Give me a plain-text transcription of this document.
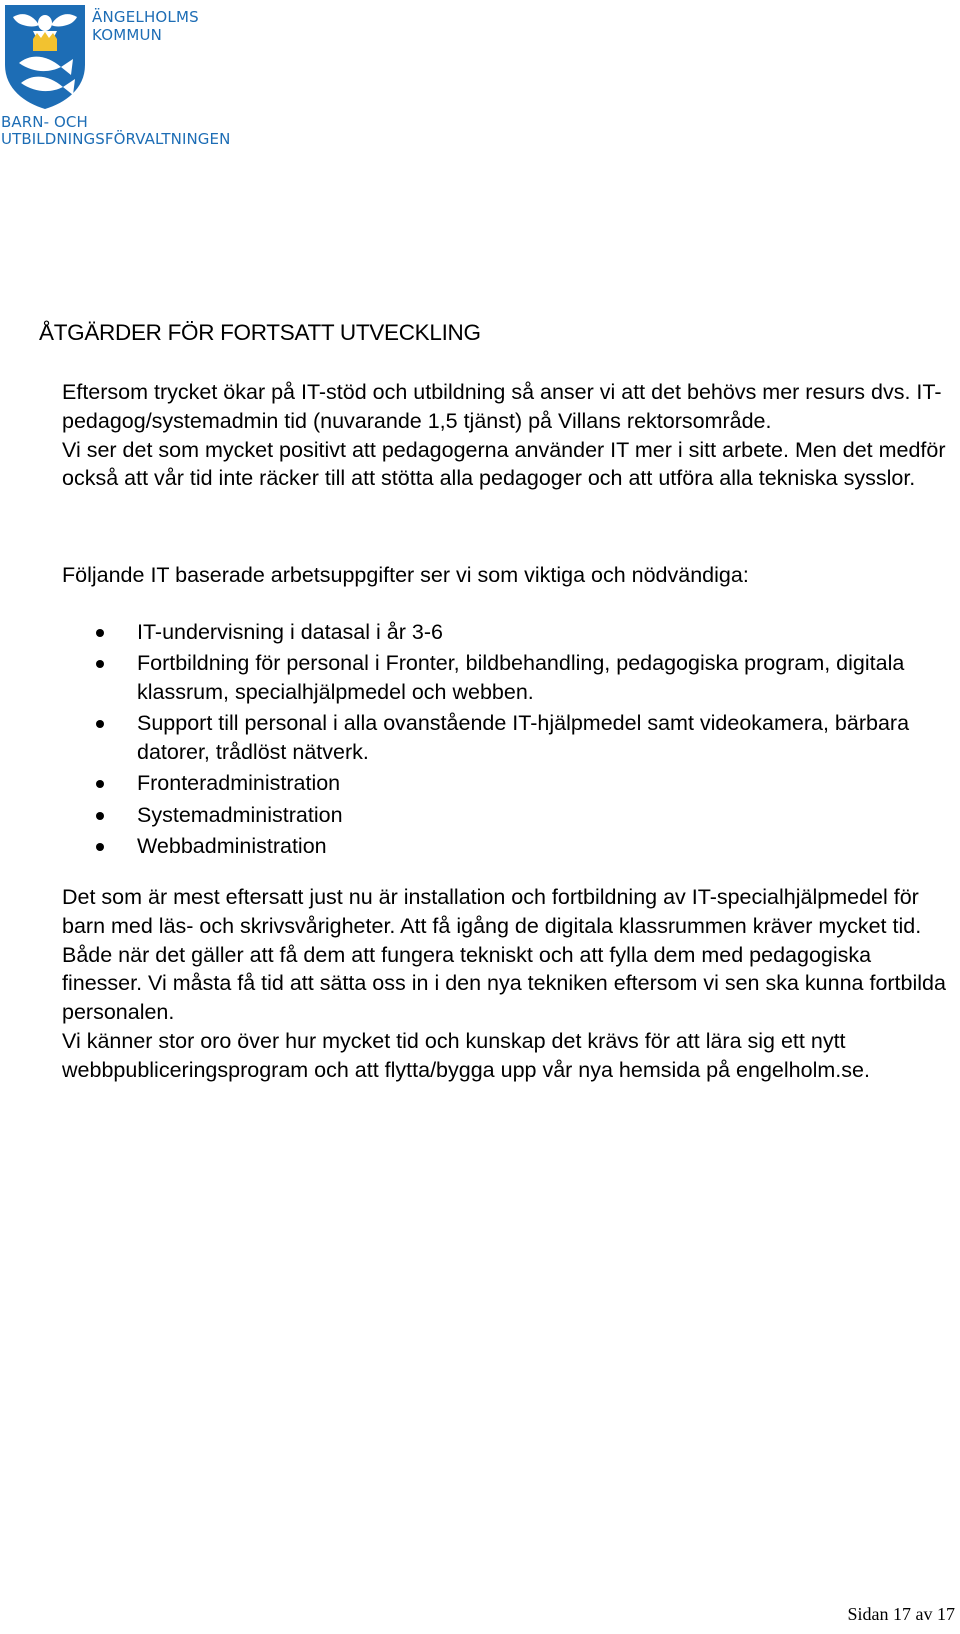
ÄNGELHOLMS
KOMMUN
BARN- OCH
UTBILDNINGSFÖRVALTNINGEN
ÅTGÄRDER FÖR FORTSATT UTVECKLING

Eftersom trycket ökar på IT-stöd och utbildning så anser vi att det behövs mer resurs dvs. IT-pedagog/systemadmin tid (nuvarande 1,5 tjänst) på Villans rektorsområde.
Vi ser det som mycket positivt att pedagogerna använder IT mer i sitt arbete. Men det medför också att vår tid inte räcker till att stötta alla pedagoger och att utföra alla tekniska sysslor.

Följande IT baserade arbetsuppgifter ser vi som viktiga och nödvändiga:

IT-undervisning i datasal i år 3-6
Fortbildning för personal i Fronter, bildbehandling, pedagogiska program, digitala klassrum, specialhjälpmedel och webben.
Support till personal i alla ovanstående IT-hjälpmedel samt videokamera, bärbara datorer, trådlöst nätverk.
Fronteradministration
Systemadministration
Webbadministration

Det som är mest eftersatt just nu är installation och fortbildning av IT-specialhjälpmedel för barn med läs- och skrivsvårigheter. Att få igång de digitala klassrummen kräver mycket tid. Både när det gäller att få dem att fungera tekniskt och att fylla dem med pedagogiska finesser. Vi måsta få tid att sätta oss in i den nya tekniken eftersom vi sen ska kunna fortbilda personalen.
Vi känner stor oro över hur mycket tid och kunskap det krävs för att lära sig ett nytt webbpubliceringsprogram och att flytta/bygga upp vår nya hemsida på engelholm.se.

Sidan 17 av 17
